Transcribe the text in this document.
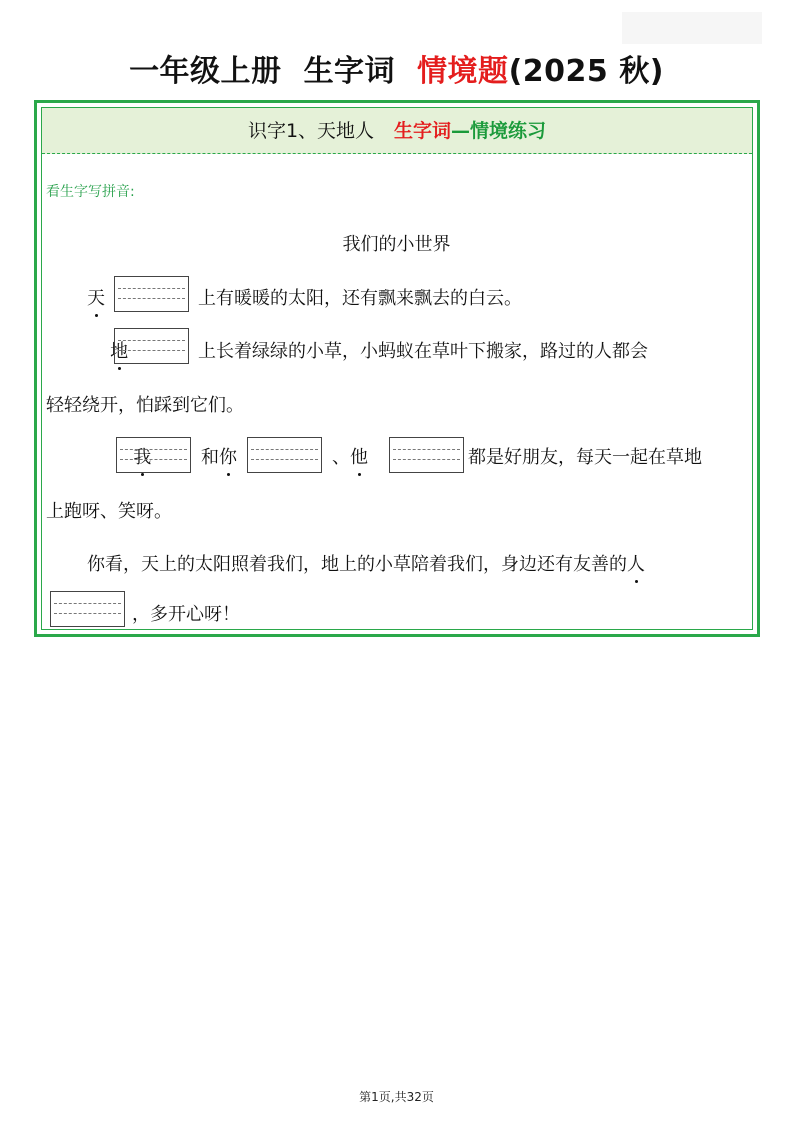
一年级上册 生字词 情境题(2025 秋)
识字1、天地人 生字词—情境练习
看生字写拼音:
我们的小世界
天	上有暖暖的太阳，还有飘来飘去的白云。
地	上长着绿绿的小草，小蚂蚁在草叶下搬家，路过的人都会
轻轻绕开，怕踩到它们。
我	和你	、他	都是好朋友，每天一起在草地
上跑呀、笑呀。
你看，天上的太阳照着我们，地上的小草陪着我们，身边还有友善的人
，多开心呀！
第1页,共32页
